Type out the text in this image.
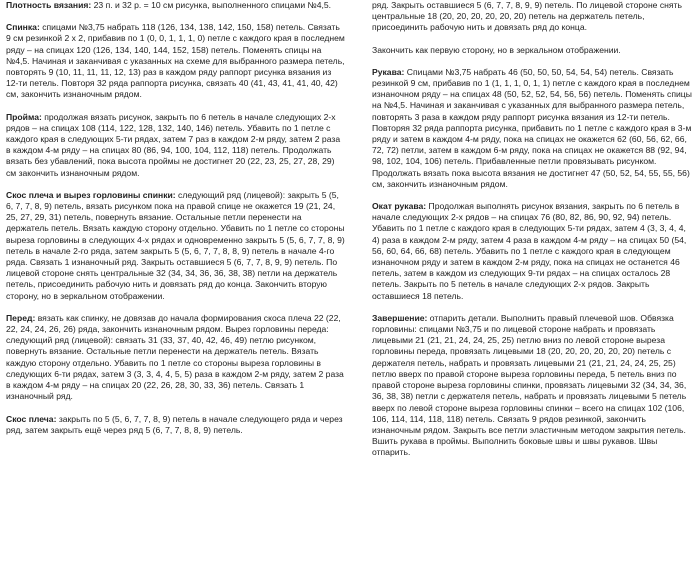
Плотность вязания: 23 п. и 32 р. = 10 см рисунка, выполненного спицами №4,5.

Спинка: спицами №3,75 набрать 118 (126, 134, 138, 142, 150, 158) петель. Связать 9 см резинкой 2 х 2, прибавив по 1 (0, 0, 1, 1, 1, 0) петле с каждого края в последнем ряду – на спицах 120 (126, 134, 140, 144, 152, 158) петель. Поменять спицы на №4,5. Начиная и заканчивая с указанных на схеме для выбранного размера петель, повторять 9 (10, 11, 11, 11, 12, 13) раз в каждом ряду раппорт рисунка вязания из 12-ти петель. Повторя 32 ряда раппорта рисунка, связать 40 (41, 43, 41, 41, 40, 42) см, закончить изнаночным рядом.

Пройма: продолжая вязать рисунок, закрыть по 6 петель в начале следующих 2-х рядов – на спицах 108 (114, 122, 128, 132, 140, 146) петель. Убавить по 1 петле с каждого края в следующих 5-ти рядах, затем 7 раз в каждом 2-м ряду, затем 2 раза в каждом 4-м ряду – на спицах 80 (86, 94, 100, 104, 112, 118) петель. Продолжать вязать без убавлений, пока высота проймы не достигнет 20 (22, 23, 25, 27, 28, 29) см закончить изнаночным рядом.

Скос плеча и вырез горловины спинки: следующий ряд (лицевой): закрыть 5 (5, 6, 7, 7, 8, 9) петель, вязать рисунком пока на правой спице не окажется 19 (21, 24, 25, 27, 29, 31) петель, повернуть вязание. Остальные петли перенести на держатель петель. Вязать каждую сторону отдельно. Убавить по 1 петле со стороны выреза горловины в следующих 4-х рядах и одновременно закрыть 5 (5, 6, 7, 7, 8, 9) петель в начале 2-го ряда, затем закрыть 5 (5, 6, 7, 7, 8, 8, 9) петель в начале 4-го ряда. Связать 1 изнаночный ряд. Закрыть оставшиеся 5 (6, 7, 7, 8, 9, 9) петель. По лицевой стороне снять центральные 32 (34, 34, 36, 36, 38, 38) петли на держатель петель, присоединить рабочую нить и довязать ряд до конца. Закончить вторую сторону, но в зеркальном отображении.

Перед: вязать как спинку, не довязав до начала формирования скоса плеча 22 (22, 22, 24, 24, 26, 26) ряда, закончить изнаночным рядом. Вырез горловины переда: следующий ряд (лицевой): связать 31 (33, 37, 40, 42, 46, 49) петлю рисунком, повернуть вязание. Остальные петли перенести на держатель петель. Вязать каждую сторону отдельно. Убавить по 1 петле со стороны выреза горловины в следующих 6-ти рядах, затем 3 (3, 3, 4, 4, 5, 5) раза в каждом 2-м ряду, затем 2 раза в каждом 4-м ряду – на спицах 20 (22, 26, 28, 30, 33, 36) петель. Связать 1 изнаночный ряд.

Скос плеча: закрыть по 5 (5, 6, 7, 7, 8, 9) петель в начале следующего ряда и через ряд, затем закрыть ещё через ряд 5 (6, 7, 7, 8, 8, 9) петель.

ряд. Закрыть оставшиеся 5 (6, 7, 7, 8, 9, 9) петель. По лицевой стороне снять центральные 18 (20, 20, 20, 20, 20, 20) петель на держатель петель, присоединить рабочую нить и довязать ряд до конца.

Закончить как первую сторону, но в зеркальном отображении.

Рукава: Спицами №3,75 набрать 46 (50, 50, 50, 54, 54, 54) петель. Связать резинкой 9 см, прибавив по 1 (1, 1, 1, 0, 1, 1) петле с каждого края в последнем изнаночном ряду – на спицах 48 (50, 52, 52, 54, 56, 56) петель. Поменять спицы на №4,5. Начиная и заканчивая с указанных для выбранного размера петель, повторять 3 раза в каждом ряду раппорт рисунка вязания из 12-ти петель. Повторяя 32 ряда раппорта рисунка, прибавить по 1 петле с каждого края в 3-м ряду и затем в каждом 4-м ряду, пока на спицах не окажется 62 (60, 56, 62, 66, 72, 72) петли, затем в каждом 6-м ряду, пока на спицах не окажется 88 (92, 94, 98, 102, 104, 106) петель. Прибавленные петли провязывать рисунком. Продолжать вязать пока высота вязания не достигнет 47 (50, 52, 54, 55, 55, 56) см, закончить изнаночным рядом.

Окат рукава: Продолжая выполнять рисунок вязания, закрыть по 6 петель в начале следующих 2-х рядов – на спицах 76 (80, 82, 86, 90, 92, 94) петель. Убавить по 1 петле с каждого края в следующих 5-ти рядах, затем 4 (3, 3, 4, 4, 4) раза в каждом 2-м ряду, затем 4 раза в каждом 4-м ряду – на спицах 50 (54, 56, 60, 64, 66, 68) петель. Убавить по 1 петле с каждого края в следующем изнаночном ряду и затем в каждом 2-м ряду, пока на спицах не останется 46 петель, затем в каждом из следующих 9-ти рядах – на спицах осталось 28 петель. Закрыть по 5 петель в начале следующих 2-х рядов. Закрыть оставшиеся 18 петель.

Завершение: отпарить детали. Выполнить правый плечевой шов. Обвязка горловины: спицами №3,75 и по лицевой стороне набрать и провязать лицевыми 21 (21, 21, 24, 24, 25, 25) петлю вниз по левой стороне выреза горловины переда, провязать лицевыми 18 (20, 20, 20, 20, 20, 20) петель с держателя петель, набрать и провязать лицевыми 21 (21, 21, 24, 24, 25, 25) петлю вверх по правой стороне выреза горловины переда, 5 петель вниз по правой стороне выреза горловины спинки, провязать лицевыми 32 (34, 34, 36, 36, 38, 38) петли с держателя петель, набрать и провязать лицевыми 5 петель вверх по левой стороне выреза горловины спинки – всего на спицах 102 (106, 106, 114, 114, 118, 118) петель. Связать 9 рядов резинкой, закончить изнаночным рядом. Закрыть все петли эластичным методом закрытия петель. Вшить рукава в проймы. Выполнить боковые швы и швы рукавов. Швы отпарить.
